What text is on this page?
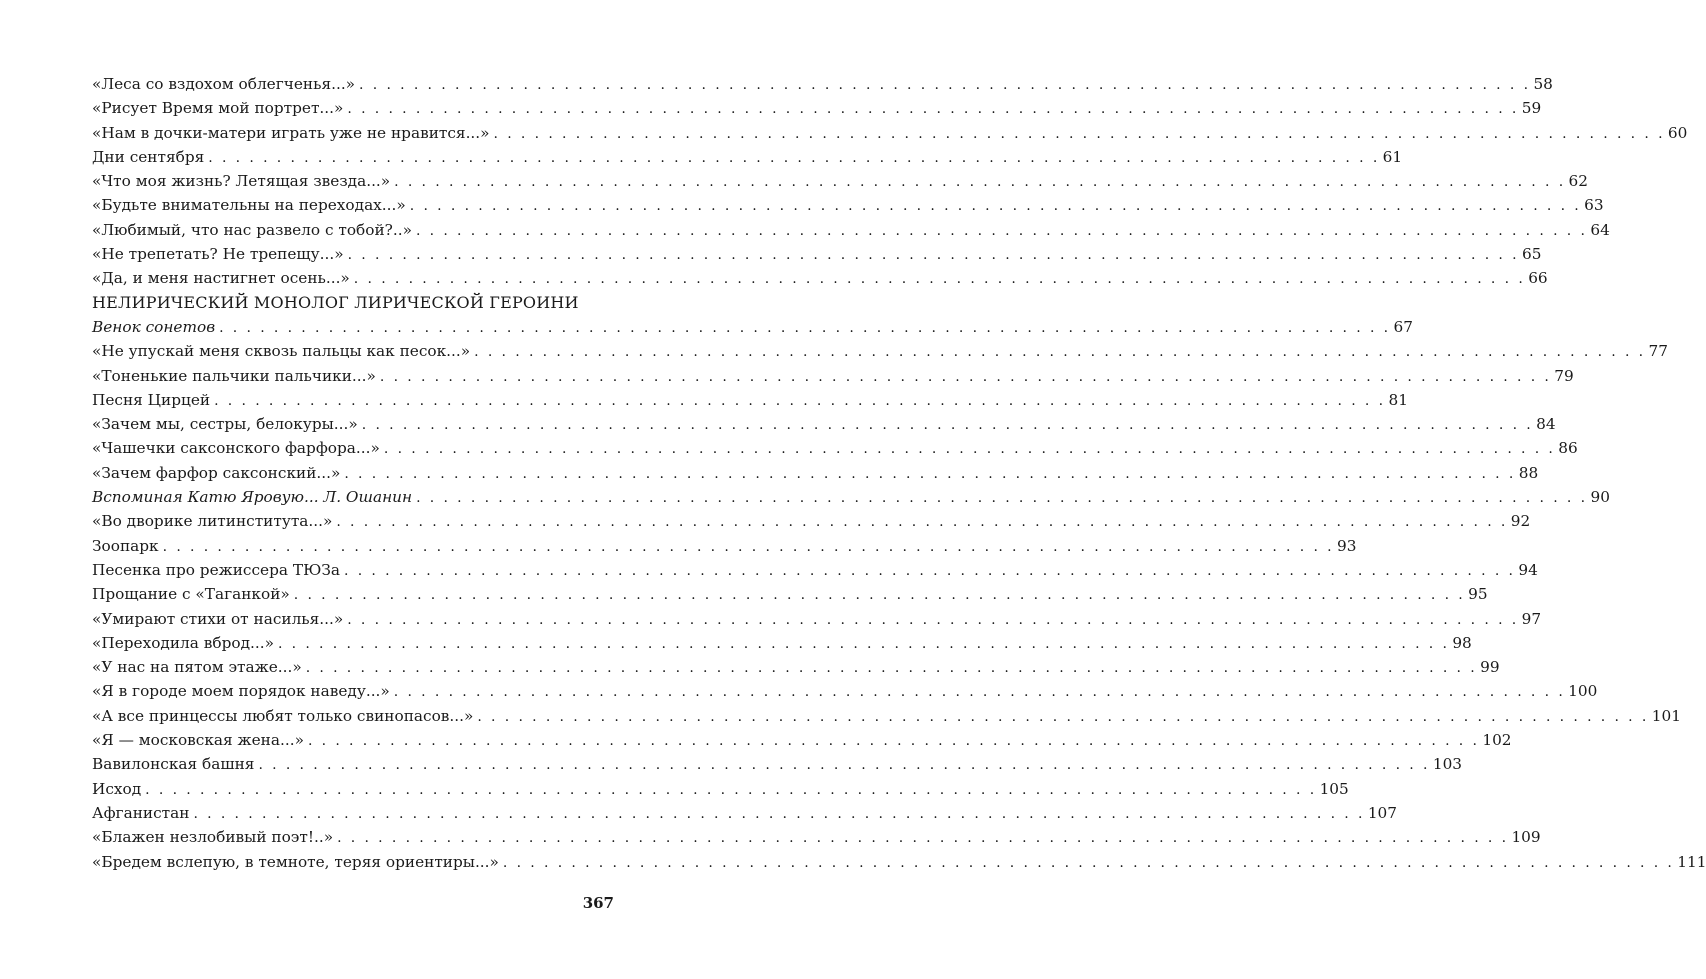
«Леса со вздохом облегченья...» . . . . . . . . . . . . . . . . . . . . . . . . . . . . . . . . . . . . . . . . . . . . . . . . . . . . . . . . . . . . . . . . . . . . . . . . . . . . . . . . . . . . . . 58
«Рисует Время мой портрет...» . . . . . . . . . . . . . . . . . . . . . . . . . . . . . . . . . . . . . . . . . . . . . . . . . . . . . . . . . . . . . . . . . . . . . . . . . . . . . . . . . . . . . . 59
«Нам в дочки-матери играть уже не нравится...» . . . . . . . . . . . . . . . . . . . . . . . . . . . . . . . . . . . . . . . . . . . . . . . . . . . . . . . . . . . . . . . . . . . . . . . . . . . . . . . . . . . . . . 60
Дни сентября . . . . . . . . . . . . . . . . . . . . . . . . . . . . . . . . . . . . . . . . . . . . . . . . . . . . . . . . . . . . . . . . . . . . . . . . . . . . . . . . . . . . . . 61
«Что моя жизнь? Летящая звезда...» . . . . . . . . . . . . . . . . . . . . . . . . . . . . . . . . . . . . . . . . . . . . . . . . . . . . . . . . . . . . . . . . . . . . . . . . . . . . . . . . . . . . . . 62
«Будьте внимательны на переходах...» . . . . . . . . . . . . . . . . . . . . . . . . . . . . . . . . . . . . . . . . . . . . . . . . . . . . . . . . . . . . . . . . . . . . . . . . . . . . . . . . . . . . . . 63
«Любимый, что нас развело с тобой?..» . . . . . . . . . . . . . . . . . . . . . . . . . . . . . . . . . . . . . . . . . . . . . . . . . . . . . . . . . . . . . . . . . . . . . . . . . . . . . . . . . . . . . . 64
«Не трепетать? Не трепещу...» . . . . . . . . . . . . . . . . . . . . . . . . . . . . . . . . . . . . . . . . . . . . . . . . . . . . . . . . . . . . . . . . . . . . . . . . . . . . . . . . . . . . . . 65
«Да, и меня настигнет осень...» . . . . . . . . . . . . . . . . . . . . . . . . . . . . . . . . . . . . . . . . . . . . . . . . . . . . . . . . . . . . . . . . . . . . . . . . . . . . . . . . . . . . . . 66
НЕЛИРИЧЕСКИЙ МОНОЛОГ ЛИРИЧЕСКОЙ ГЕРОИНИ
Венок сонетов . . . . . . . . . . . . . . . . . . . . . . . . . . . . . . . . . . . . . . . . . . . . . . . . . . . . . . . . . . . . . . . . . . . . . . . . . . . . . . . . . . . . . . 67
«Не упускай меня сквозь пальцы как песок...» . . . . . . . . . . . . . . . . . . . . . . . . . . . . . . . . . . . . . . . . . . . . . . . . . . . . . . . . . . . . . . . . . . . . . . . . . . . . . . . . . . . . . . 77
«Тоненькие пальчики пальчики...» . . . . . . . . . . . . . . . . . . . . . . . . . . . . . . . . . . . . . . . . . . . . . . . . . . . . . . . . . . . . . . . . . . . . . . . . . . . . . . . . . . . . . . 79
Песня Цирцей . . . . . . . . . . . . . . . . . . . . . . . . . . . . . . . . . . . . . . . . . . . . . . . . . . . . . . . . . . . . . . . . . . . . . . . . . . . . . . . . . . . . . . 81
«Зачем мы, сестры, белокуры...» . . . . . . . . . . . . . . . . . . . . . . . . . . . . . . . . . . . . . . . . . . . . . . . . . . . . . . . . . . . . . . . . . . . . . . . . . . . . . . . . . . . . . . 84
«Чашечки саксонского фарфора...» . . . . . . . . . . . . . . . . . . . . . . . . . . . . . . . . . . . . . . . . . . . . . . . . . . . . . . . . . . . . . . . . . . . . . . . . . . . . . . . . . . . . . . 86
«Зачем фарфор саксонский...» . . . . . . . . . . . . . . . . . . . . . . . . . . . . . . . . . . . . . . . . . . . . . . . . . . . . . . . . . . . . . . . . . . . . . . . . . . . . . . . . . . . . . . 88
Вспоминая Катю Яровую... Л. Ошанин . . . . . . . . . . . . . . . . . . . . . . . . . . . . . . . . . . . . . . . . . . . . . . . . . . . . . . . . . . . . . . . . . . . . . . . . . . . . . . . . . . . . . . 90
«Во дворике литинститута...» . . . . . . . . . . . . . . . . . . . . . . . . . . . . . . . . . . . . . . . . . . . . . . . . . . . . . . . . . . . . . . . . . . . . . . . . . . . . . . . . . . . . . . 92
Зоопарк . . . . . . . . . . . . . . . . . . . . . . . . . . . . . . . . . . . . . . . . . . . . . . . . . . . . . . . . . . . . . . . . . . . . . . . . . . . . . . . . . . . . . . 93
Песенка про режиссера ТЮЗа . . . . . . . . . . . . . . . . . . . . . . . . . . . . . . . . . . . . . . . . . . . . . . . . . . . . . . . . . . . . . . . . . . . . . . . . . . . . . . . . . . . . . . 94
Прощание с «Таганкой» . . . . . . . . . . . . . . . . . . . . . . . . . . . . . . . . . . . . . . . . . . . . . . . . . . . . . . . . . . . . . . . . . . . . . . . . . . . . . . . . . . . . . . 95
«Умирают стихи от насилья...» . . . . . . . . . . . . . . . . . . . . . . . . . . . . . . . . . . . . . . . . . . . . . . . . . . . . . . . . . . . . . . . . . . . . . . . . . . . . . . . . . . . . . . 97
«Переходила вброд...» . . . . . . . . . . . . . . . . . . . . . . . . . . . . . . . . . . . . . . . . . . . . . . . . . . . . . . . . . . . . . . . . . . . . . . . . . . . . . . . . . . . . . . 98
«У нас на пятом этаже...» . . . . . . . . . . . . . . . . . . . . . . . . . . . . . . . . . . . . . . . . . . . . . . . . . . . . . . . . . . . . . . . . . . . . . . . . . . . . . . . . . . . . . . 99
«Я в городе моем порядок наведу...» . . . . . . . . . . . . . . . . . . . . . . . . . . . . . . . . . . . . . . . . . . . . . . . . . . . . . . . . . . . . . . . . . . . . . . . . . . . . . . . . . . . . . . 100
«А все принцессы любят только свинопасов...» . . . . . . . . . . . . . . . . . . . . . . . . . . . . . . . . . . . . . . . . . . . . . . . . . . . . . . . . . . . . . . . . . . . . . . . . . . . . . . . . . . . . . . 101
«Я — московская жена...» . . . . . . . . . . . . . . . . . . . . . . . . . . . . . . . . . . . . . . . . . . . . . . . . . . . . . . . . . . . . . . . . . . . . . . . . . . . . . . . . . . . . . . 102
Вавилонская башня . . . . . . . . . . . . . . . . . . . . . . . . . . . . . . . . . . . . . . . . . . . . . . . . . . . . . . . . . . . . . . . . . . . . . . . . . . . . . . . . . . . . . . 103
Исход . . . . . . . . . . . . . . . . . . . . . . . . . . . . . . . . . . . . . . . . . . . . . . . . . . . . . . . . . . . . . . . . . . . . . . . . . . . . . . . . . . . . . . 105
Афганистан . . . . . . . . . . . . . . . . . . . . . . . . . . . . . . . . . . . . . . . . . . . . . . . . . . . . . . . . . . . . . . . . . . . . . . . . . . . . . . . . . . . . . . 107
«Блажен незлобивый поэт!..» . . . . . . . . . . . . . . . . . . . . . . . . . . . . . . . . . . . . . . . . . . . . . . . . . . . . . . . . . . . . . . . . . . . . . . . . . . . . . . . . . . . . . . 109
«Бредем вслепую, в темноте, теряя ориентиры...» . . . . . . . . . . . . . . . . . . . . . . . . . . . . . . . . . . . . . . . . . . . . . . . . . . . . . . . . . . . . . . . . . . . . . . . . . . . . . . . . . . . . . . 111
367
